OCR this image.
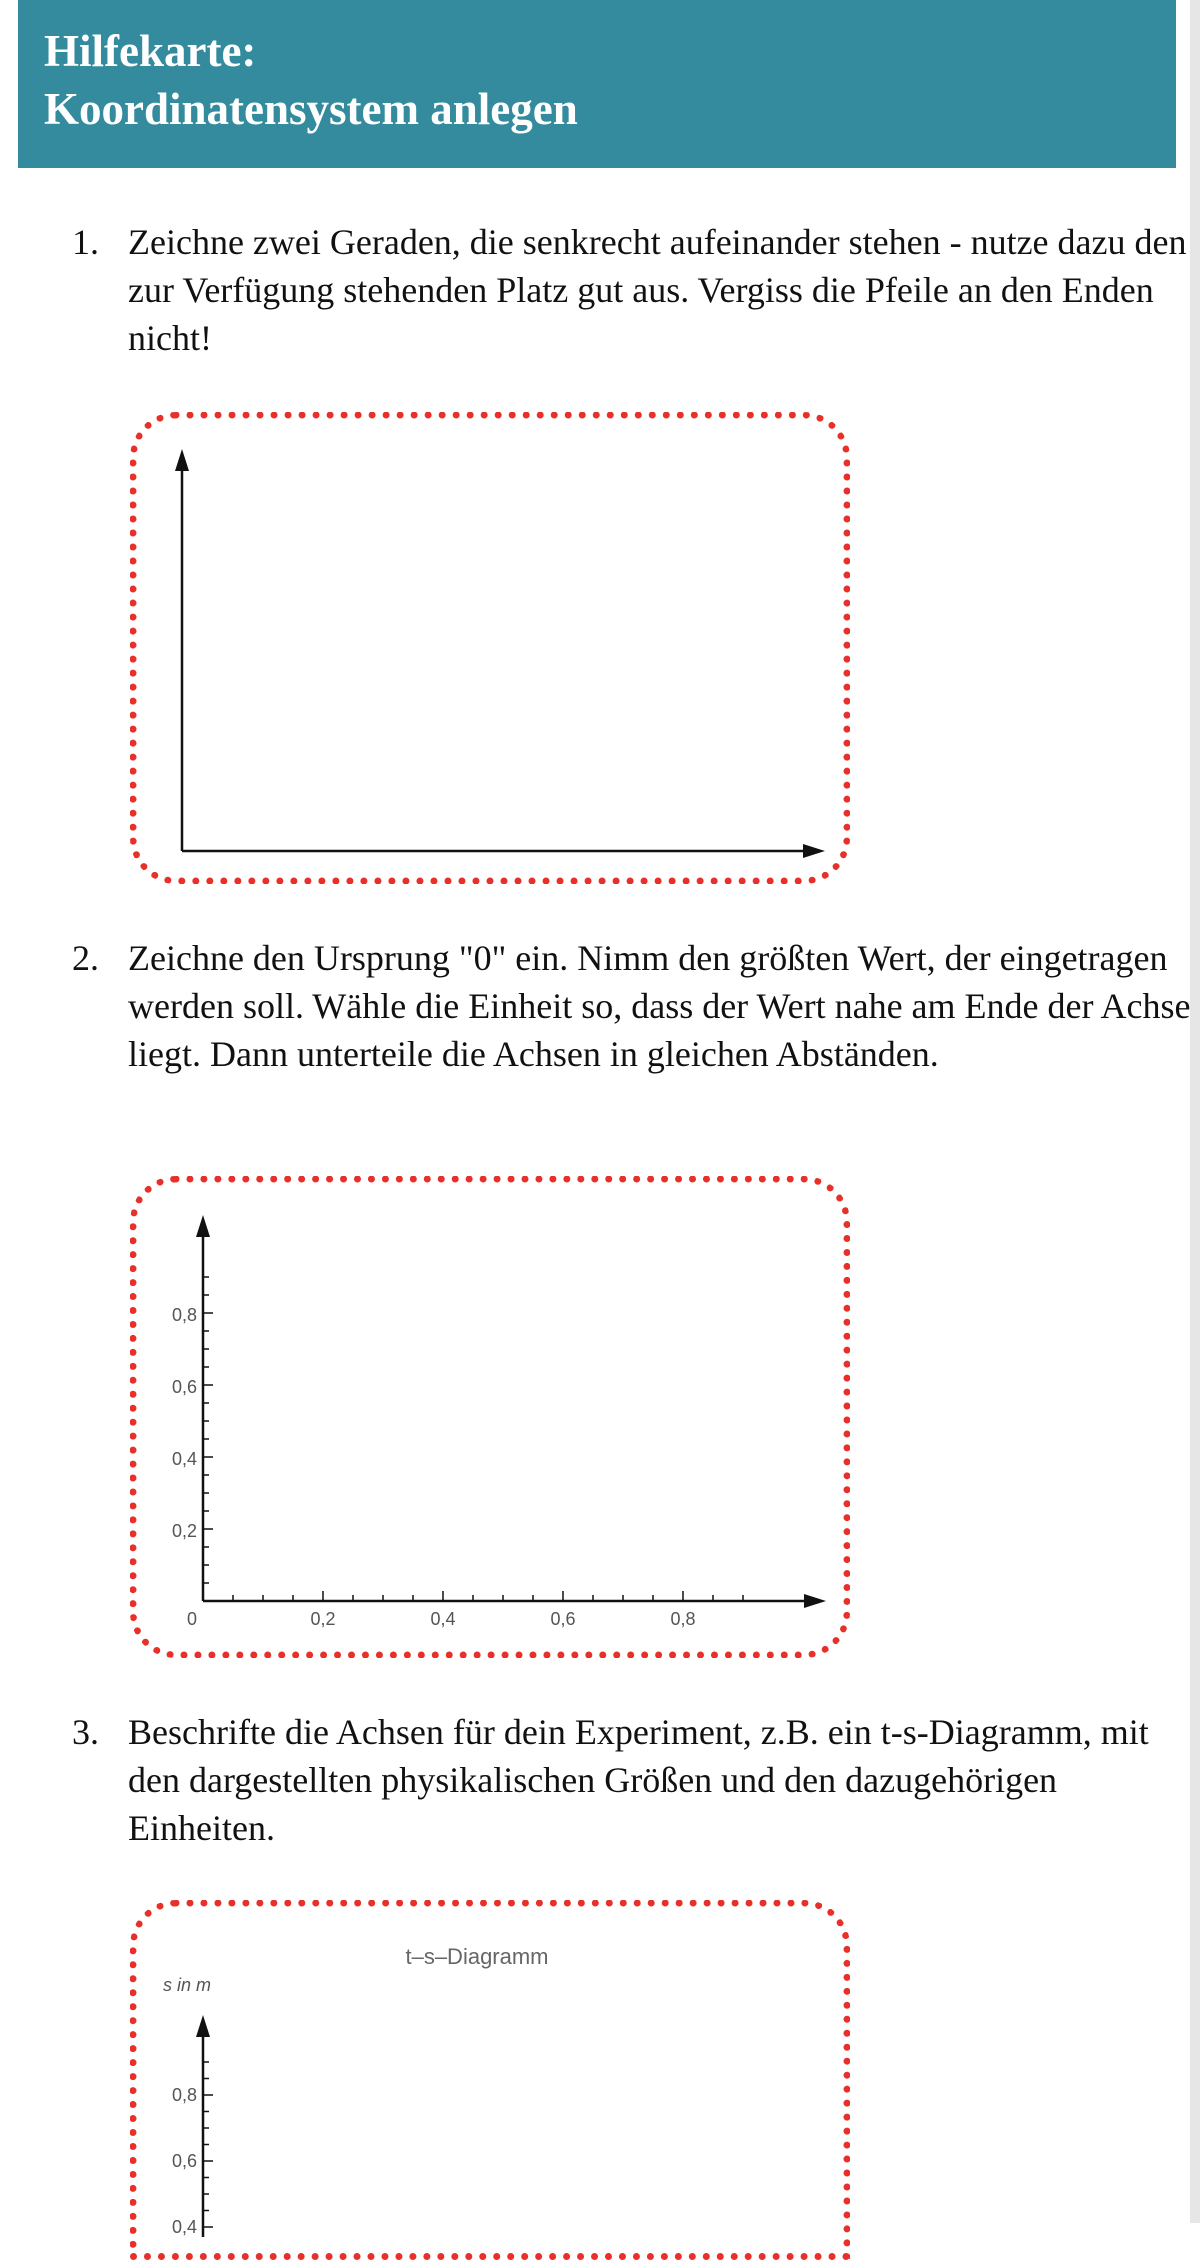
Hilfekarte:
Koordinatensystem anlegen
1. Zeichne zwei Geraden, die senkrecht aufeinander stehen - nutze dazu den zur Verfügung stehenden Platz gut aus. Vergiss die Pfeile an den Enden nicht!
2. Zeichne den Ursprung "0" ein. Nimm den größten Wert, der eingetragen werden soll. Wähle die Einheit so, dass der Wert nahe am Ende der Achse liegt. Dann unterteile die Achsen in gleichen Abständen.
0	0,2	0,4	0,6	0,8
0,2
0,4
0,6
0,8
3. Beschrifte die Achsen für dein Experiment, z.B. ein t-s-Diagramm, mit den dargestellten physikalischen Größen und den dazugehörigen Einheiten.
t–s–Diagramm
s in m
0,8
0,6
0,4
